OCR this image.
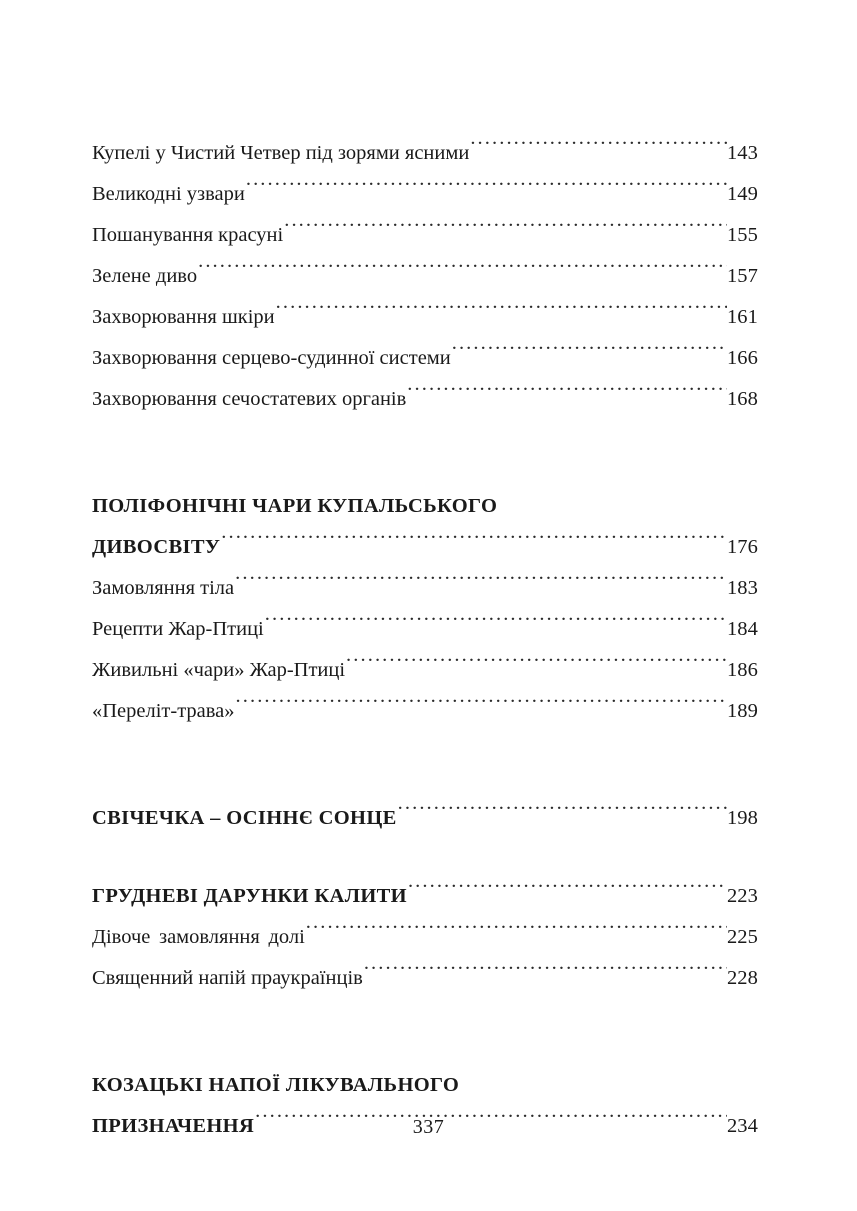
Купелі у Чистий Четвер під зорями ясними .....	143
Великодні узвари .....	149
Пошанування красуні .....	155
Зелене диво .....	157
Захворювання шкіри .....	161
Захворювання серцево-судинної системи .....	166
Захворювання сечостатевих органів .....	168
ПОЛІФОНІЧНІ ЧАРИ КУПАЛЬСЬКОГО
ДИВОСВІТУ .....	176
Замовляння тіла .....	183
Рецепти Жар-Птиці .....	184
Живильні «чари» Жар-Птиці .....	186
«Переліт-трава» .....	189
СВІЧЕЧКА – ОСІННЄ СОНЦЕ .....	198
ГРУДНЕВІ ДАРУНКИ КАЛИТИ .....	223
Дівоче замовляння долі .....	225
Священний напій праукраїнців .....	228
КОЗАЦЬКІ НАПОЇ ЛІКУВАЛЬНОГО
ПРИЗНАЧЕННЯ .....	234
337
